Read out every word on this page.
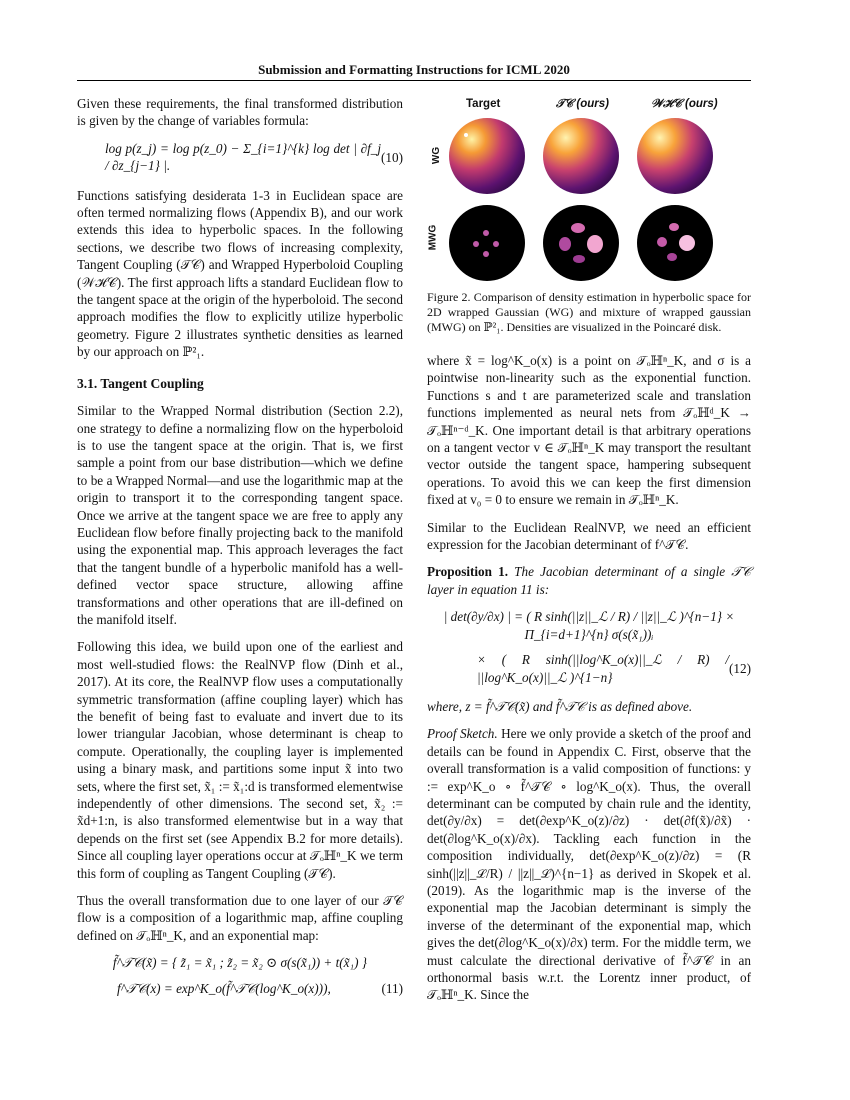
Submission and Formatting Instructions for ICML 2020

Given these requirements, the final transformed distribution is given by the change of variables formula:

log p(z_j) = log p(z_0) − Σ_{i=1}^{k} log det | ∂f_j / ∂z_{j−1} |.
(10)

Functions satisfying desiderata 1-3 in Euclidean space are often termed normalizing flows (Appendix B), and our work extends this idea to hyperbolic spaces. In the following sections, we describe two flows of increasing complexity, Tangent Coupling (𝒯𝒞) and Wrapped Hyperboloid Coupling (𝒲ℋ𝒞). The first approach lifts a standard Euclidean flow to the tangent space at the origin of the hyperboloid. The second approach modifies the flow to explicitly utilize hyperbolic geometry. Figure 2 illustrates synthetic densities as learned by our approach on ℙ²₁.

3.1. Tangent Coupling

Similar to the Wrapped Normal distribution (Section 2.2), one strategy to define a normalizing flow on the hyperboloid is to use the tangent space at the origin. That is, we first sample a point from our base distribution—which we define to be a Wrapped Normal—and use the logarithmic map at the origin to transport it to the corresponding tangent space. Once we arrive at the tangent space we are free to apply any Euclidean flow before finally projecting back to the manifold using the exponential map. This approach leverages the fact that the tangent bundle of a hyperbolic manifold has a well-defined vector space structure, allowing affine transformations and other operations that are ill-defined on the manifold itself.

Following this idea, we build upon one of the earliest and most well-studied flows: the RealNVP flow (Dinh et al., 2017). At its core, the RealNVP flow uses a computationally symmetric transformation (affine coupling layer) which has the benefit of being fast to evaluate and invert due to its lower triangular Jacobian, whose determinant is cheap to compute. Operationally, the coupling layer is implemented using a binary mask, and partitions some input x̃ into two sets, where the first set, x̃₁ := x̃₁:d is transformed elementwise independently of other dimensions. The second set, x̃₂ := x̃d+1:n, is also transformed elementwise but in a way that depends on the first set (see Appendix B.2 for more details). Since all coupling layer operations occur at 𝒯ₒℍⁿ_K we term this form of coupling as Tangent Coupling (𝒯𝒞).

Thus the overall transformation due to one layer of our 𝒯𝒞 flow is a composition of a logarithmic map, affine coupling defined on 𝒯ₒℍⁿ_K, and an exponential map:

f̃^𝒯𝒞(x̃) = { z̃₁ = x̃₁ ; z̃₂ = x̃₂ ⊙ σ(s(x̃₁)) + t(x̃₁) }
f^𝒯𝒞(x) = exp^K_o(f̃^𝒯𝒞(log^K_o(x))),	(11)
Target	𝒯𝒞 (ours)	𝒲ℋ𝒞 (ours)
WG
MWG
Figure 2. Comparison of density estimation in hyperbolic space for 2D wrapped Gaussian (WG) and mixture of wrapped gaussian (MWG) on ℙ²₁. Densities are visualized in the Poincaré disk.

where x̃ = log^K_o(x) is a point on 𝒯ₒℍⁿ_K, and σ is a pointwise non-linearity such as the exponential function. Functions s and t are parameterized scale and translation functions implemented as neural nets from 𝒯ₒℍᵈ_K → 𝒯ₒℍⁿ⁻ᵈ_K. One important detail is that arbitrary operations on a tangent vector v ∈ 𝒯ₒℍⁿ_K may transport the resultant vector outside the tangent space, hampering subsequent operations. To avoid this we can keep the first dimension fixed at v₀ = 0 to ensure we remain in 𝒯ₒℍⁿ_K.

Similar to the Euclidean RealNVP, we need an efficient expression for the Jacobian determinant of f^𝒯𝒞.

Proposition 1. The Jacobian determinant of a single 𝒯𝒞 layer in equation 11 is:

| det(∂y/∂x) | = ( R sinh(||z||_ℒ / R) / ||z||_ℒ )^{n−1} × Π_{i=d+1}^{n} σ(s(x̃₁))ᵢ
× ( R sinh(||log^K_o(x)||_ℒ / R) / ||log^K_o(x)||_ℒ )^{1−n}
(12)

where, z = f̃^𝒯𝒞(x̃) and f̃^𝒯𝒞 is as defined above.

Proof Sketch. Here we only provide a sketch of the proof and details can be found in Appendix C. First, observe that the overall transformation is a valid composition of functions: y := exp^K_o ∘ f̃^𝒯𝒞 ∘ log^K_o(x). Thus, the overall determinant can be computed by chain rule and the identity, det(∂y/∂x) = det(∂exp^K_o(z)/∂z) · det(∂f(x̃)/∂x̃) · det(∂log^K_o(x)/∂x). Tackling each function in the composition individually, det(∂exp^K_o(z)/∂z) = (R sinh(||z||_ℒ/R) / ||z||_ℒ)^{n−1} as derived in Skopek et al. (2019). As the logarithmic map is the inverse of the exponential map the Jacobian determinant is simply the inverse of the determinant of the exponential map, which gives the det(∂log^K_o(x)/∂x) term. For the middle term, we must calculate the directional derivative of f̃^𝒯𝒞 in an orthonormal basis w.r.t. the Lorentz inner product, of 𝒯ₒℍⁿ_K. Since the
